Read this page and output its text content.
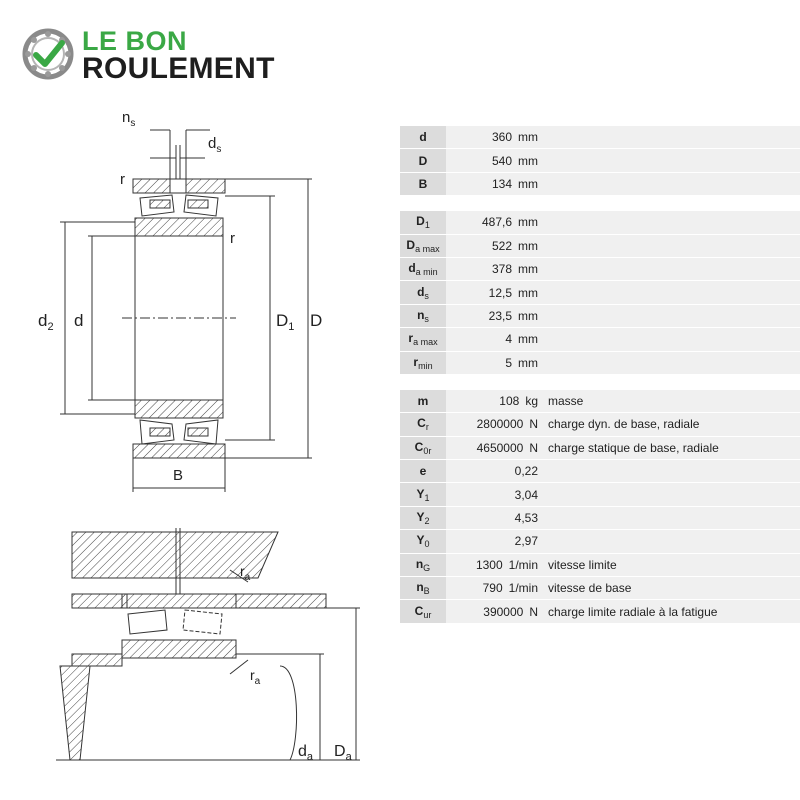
LE BON
ROULEMENT
$n_s$
$d_s$
r
r
$d_2$ d	$D_1$ D
B
$r_a$
$r_a$
$d_a$ $D_a$
d	360 mm	
D	540 mm	
B	134 mm	

$D_1$	487,6 mm	
$D_{a max}$	522 mm	
$d_{a min}$	378 mm	
$d_s$	12,5 mm	
$n_s$	23,5 mm	
$r_{a max}$	4 mm	
$r_{min}$	5 mm	

m	108 kg	masse
$C_r$	2800000 N	charge dyn. de base, radiale
$C_{0r}$	4650000 N	charge statique de base, radiale
e	0,22	
$Y_1$	3,04	
$Y_2$	4,53	
$Y_0$	2,97	
$n_G$	1300 1/min	vitesse limite
$n_B$	790 1/min	vitesse de base
$C_{ur}$	390000 N	charge limite radiale à la fatigue
